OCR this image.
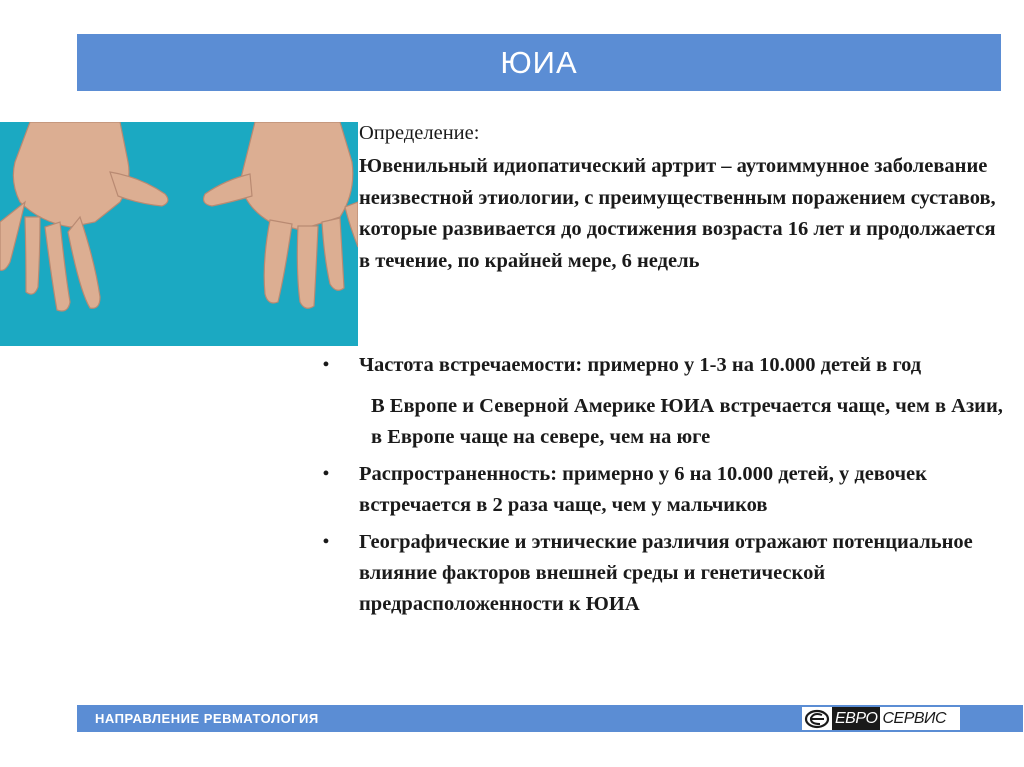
ЮИА

Определение:

Ювенильный идиопатический артрит – аутоиммунное заболевание неизвестной этиологии, с преимущественным поражением суставов, которые развивается до достижения возраста 16 лет и продолжается в течение, по крайней мере, 6 недель

•	Частота встречаемости: примерно у 1-3 на 10.000 детей в год

В Европе и Северной Америке ЮИА встречается чаще, чем в Азии, в Европе чаще на севере, чем на юге

•	Распространенность: примерно у 6 на 10.000 детей, у девочек встречается в 2 раза чаще, чем у мальчиков

•	Географические и этнические различия отражают потенциальное влияние факторов внешней среды и генетической предрасположенности к ЮИА

НАПРАВЛЕНИЕ РЕВМАТОЛОГИЯ	ЕВРО СЕРВИС
